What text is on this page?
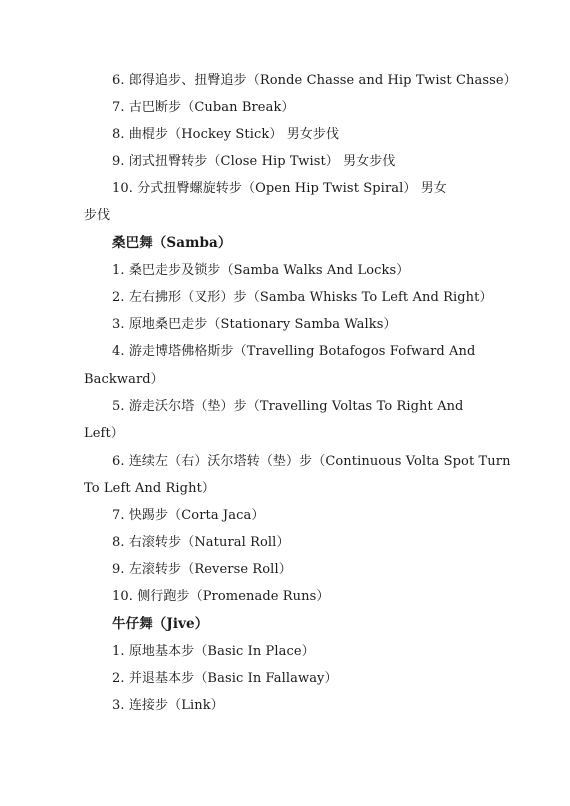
6. 郎得追步、扭臀追步（Ronde Chasse and Hip Twist Chasse）
7. 古巴断步（Cuban Break）
8. 曲棍步（Hockey Stick） 男女步伐
9. 闭式扭臀转步（Close Hip Twist） 男女步伐
10. 分式扭臀螺旋转步（Open Hip Twist Spiral） 男女
步伐
桑巴舞（Samba）
1. 桑巴走步及锁步（Samba Walks And Locks）
2. 左右拂形（叉形）步（Samba Whisks To Left And Right）
3. 原地桑巴走步（Stationary Samba Walks）
4. 游走博塔佛格斯步（Travelling Botafogos Fofward And
Backward）
5. 游走沃尔塔（垫）步（Travelling Voltas To Right And
Left）
6. 连续左（右）沃尔塔转（垫）步（Continuous Volta Spot Turn
To Left And Right）
7. 快踢步（Corta Jaca）
8. 右滚转步（Natural Roll）
9. 左滚转步（Reverse Roll）
10. 侧行跑步（Promenade Runs）
牛仔舞（Jive）
1. 原地基本步（Basic In Place）
2. 并退基本步（Basic In Fallaway）
3. 连接步（Link）
